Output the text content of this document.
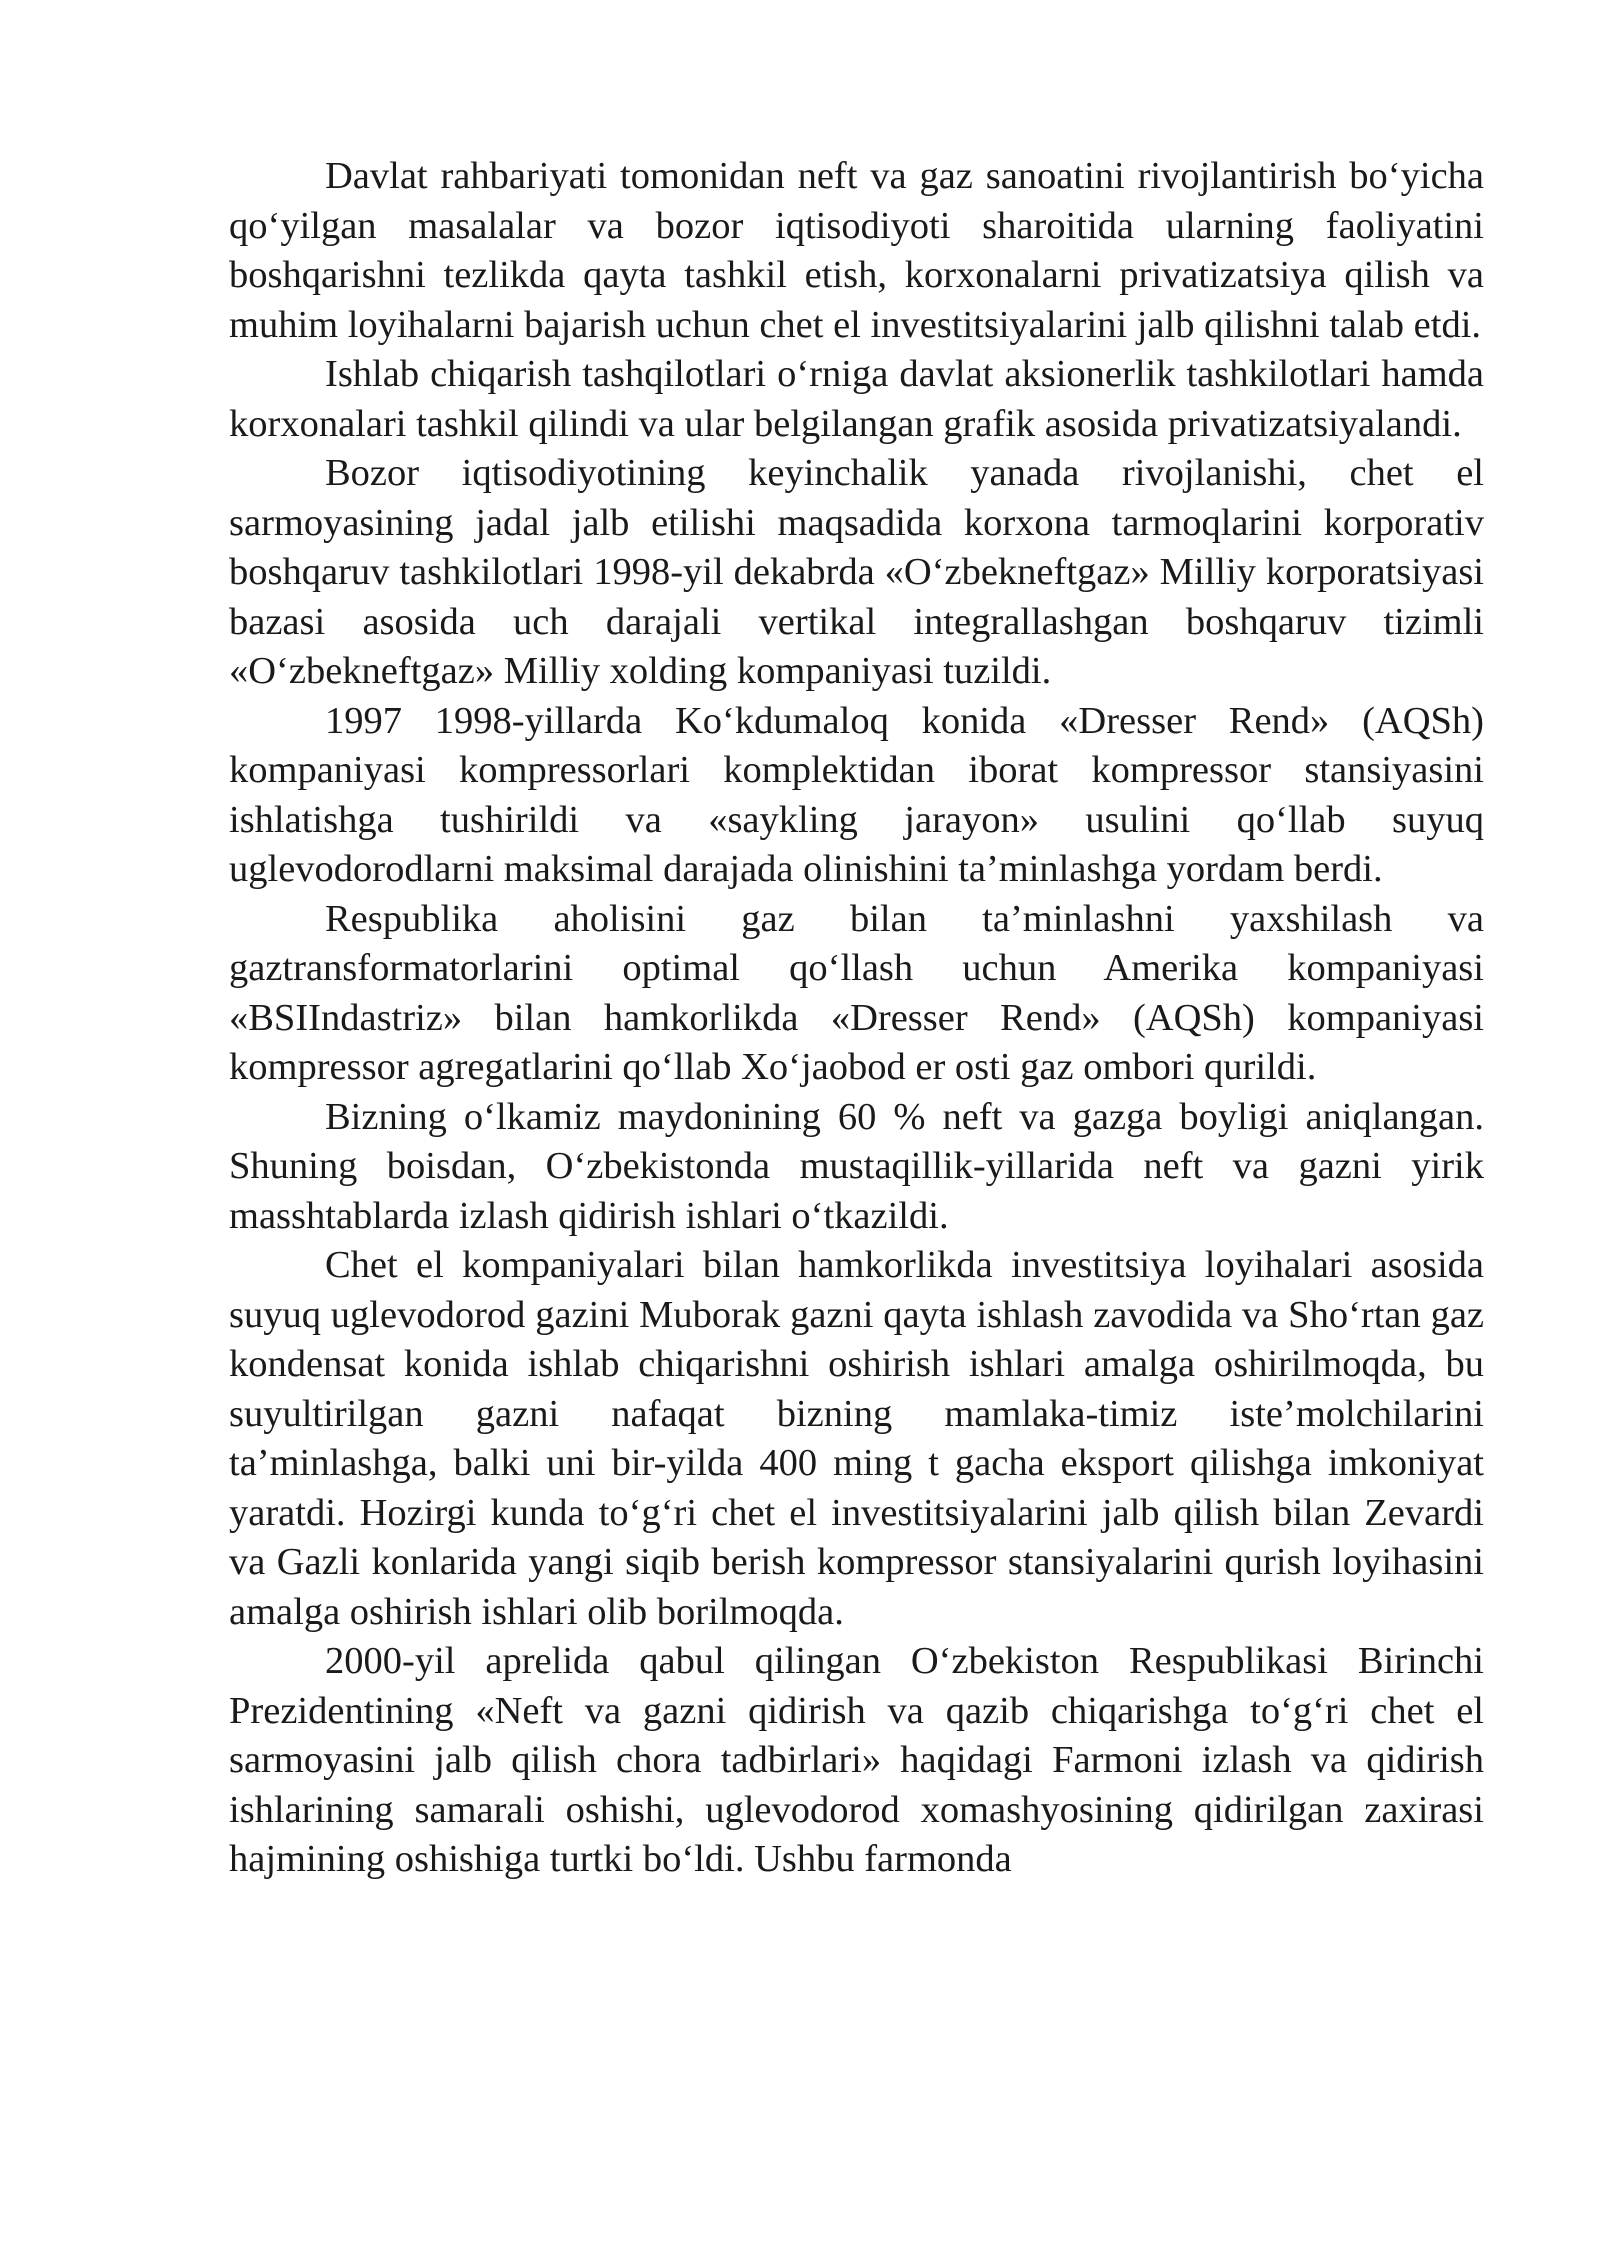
Davlat rahbariyati tomonidan neft va gaz sanoatini rivojlantirish bo‘yicha qo‘yilgan masalalar va bozor iqtisodiyoti sharoitida ularning faoliyatini boshqarishni tezlikda qayta tashkil etish, korxonalarni privatizatsiya qilish va muhim loyihalarni bajarish uchun chet el investitsiyalarini jalb qilishni talab etdi.

Ishlab chiqarish tashqilotlari o‘rniga davlat aksionerlik tashkilotlari hamda korxonalari tashkil qilindi va ular belgilangan grafik asosida privatizatsiyalandi.

Bozor iqtisodiyotining keyinchalik yanada rivojlanishi, chet el sarmoyasining jadal jalb etilishi maqsadida korxona tarmoqlarini korporativ boshqaruv tashkilotlari 1998-yil dekabrda «O‘zbekneftgaz» Milliy korporatsiyasi bazasi asosida uch darajali vertikal integrallashgan boshqaruv tizimli «O‘zbekneftgaz» Milliy xolding kompaniyasi tuzildi.

1997 1998-yillarda Ko‘kdumaloq konida «Dresser Rend» (AQSh) kompaniyasi kompressorlari komplektidan iborat kompressor stansiyasini ishlatishga tushirildi va «saykling jarayon» usulini qo‘llab suyuq uglevodorodlarni maksimal darajada olinishini ta’minlashga yordam berdi.

Respublika aholisini gaz bilan ta’minlashni yaxshilash va gaztransformatorlarini optimal qo‘llash uchun Amerika kompaniyasi «BSIIndastriz» bilan hamkorlikda «Dresser Rend» (AQSh) kompaniyasi kompressor agregatlarini qo‘llab Xo‘jaobod er osti gaz ombori qurildi.

Bizning o‘lkamiz maydonining 60 % neft va gazga boyligi aniqlangan. Shuning boisdan, O‘zbekistonda mustaqillik-yillarida neft va gazni yirik masshtablarda izlash qidirish ishlari o‘tkazildi.

Chet el kompaniyalari bilan hamkorlikda investitsiya loyihalari asosida suyuq uglevodorod gazini Muborak gazni qayta ishlash zavodida va Sho‘rtan gaz kondensat konida ishlab chiqarishni oshirish ishlari amalga oshirilmoqda, bu suyultirilgan gazni nafaqat bizning mamlaka-timiz iste’molchilarini ta’minlashga, balki uni bir-yilda 400 ming t gacha eksport qilishga imkoniyat yaratdi. Hozirgi kunda to‘g‘ri chet el investitsiyalarini jalb qilish bilan Zevardi va Gazli konlarida yangi siqib berish kompressor stansiyalarini qurish loyihasini amalga oshirish ishlari olib borilmoqda.

2000-yil aprelida qabul qilingan O‘zbekiston Respublikasi Birinchi Prezidentining «Neft va gazni qidirish va qazib chiqarishga to‘g‘ri chet el sarmoyasini jalb qilish chora tadbirlari» haqidagi Farmoni izlash va qidirish ishlarining samarali oshishi, uglevodorod xomashyosining qidirilgan zaxirasi hajmining oshishiga turtki bo‘ldi. Ushbu farmonda
